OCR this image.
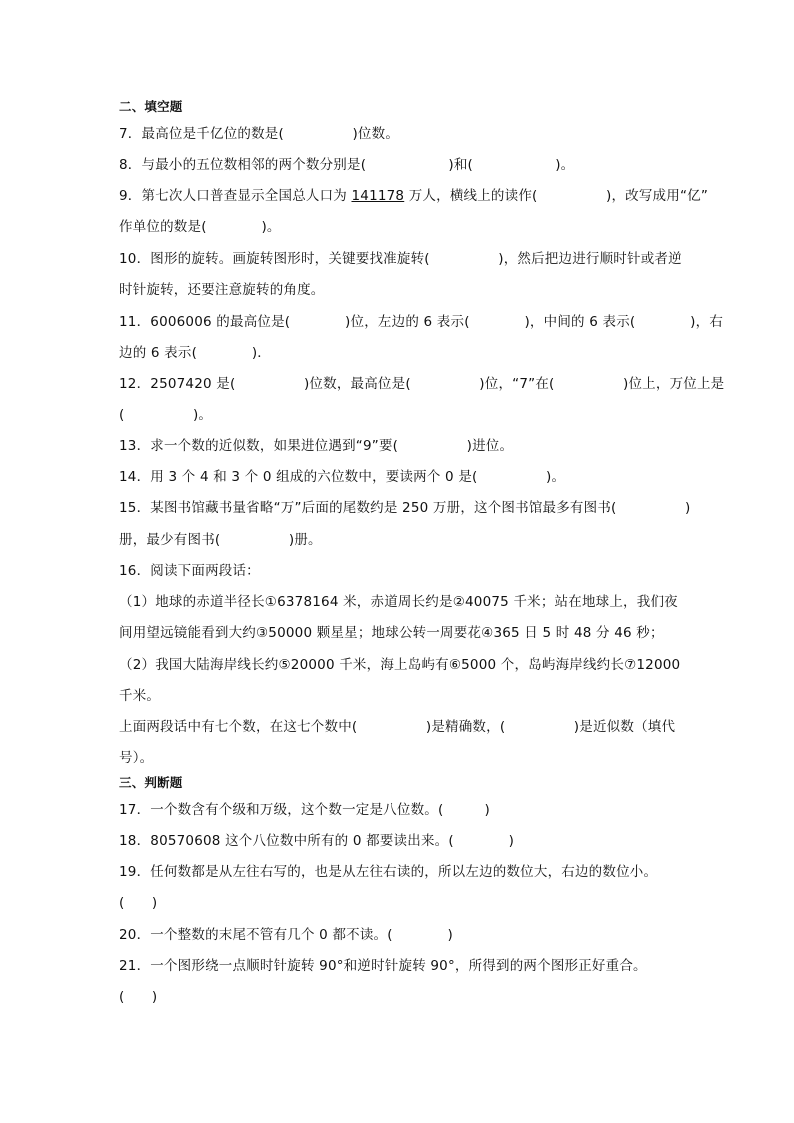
二、填空题
7．最高位是千亿位的数是(　　　　　)位数。
8．与最小的五位数相邻的两个数分别是(　　　　　　)和(　　　　　　)。
9．第七次人口普查显示全国总人口为 141178 万人，横线上的读作(　　　　　)，改写成用“亿”
作单位的数是(　　　　)。
10．图形的旋转。画旋转图形时，关键要找准旋转(　　　　　)，然后把边进行顺时针或者逆
时针旋转，还要注意旋转的角度。
11．6006006 的最高位是(　　　　)位，左边的 6 表示(　　　　)，中间的 6 表示(　　　　)，右
边的 6 表示(　　　　)．
12．2507420 是(　　　　　)位数，最高位是(　　　　　)位，“7”在(　　　　　)位上，万位上是
(　　　　　)。
13．求一个数的近似数，如果进位遇到“9”要(　　　　　)进位。
14．用 3 个 4 和 3 个 0 组成的六位数中，要读两个 0 是(　　　　　)。
15．某图书馆藏书量省略“万”后面的尾数约是 250 万册，这个图书馆最多有图书(　　　　　)
册，最少有图书(　　　　　)册。
16．阅读下面两段话：
（1）地球的赤道半径长①6378164 米，赤道周长约是②40075 千米；站在地球上，我们夜
间用望远镜能看到大约③50000 颗星星；地球公转一周要花④365 日 5 时 48 分 46 秒；
（2）我国大陆海岸线长约⑤20000 千米，海上岛屿有⑥5000 个，岛屿海岸线约长⑦12000
千米。
上面两段话中有七个数，在这七个数中(　　　　　)是精确数，(　　　　　)是近似数（填代
号）。
三、判断题
17．一个数含有个级和万级，这个数一定是八位数。(　　　)
18．80570608 这个八位数中所有的 0 都要读出来。(　　　　)
19．任何数都是从左往右写的，也是从左往右读的，所以左边的数位大，右边的数位小。
(　　)
20．一个整数的末尾不管有几个 0 都不读。(　　　　)
21．一个图形绕一点顺时针旋转 90°和逆时针旋转 90°，所得到的两个图形正好重合。
(　　)
